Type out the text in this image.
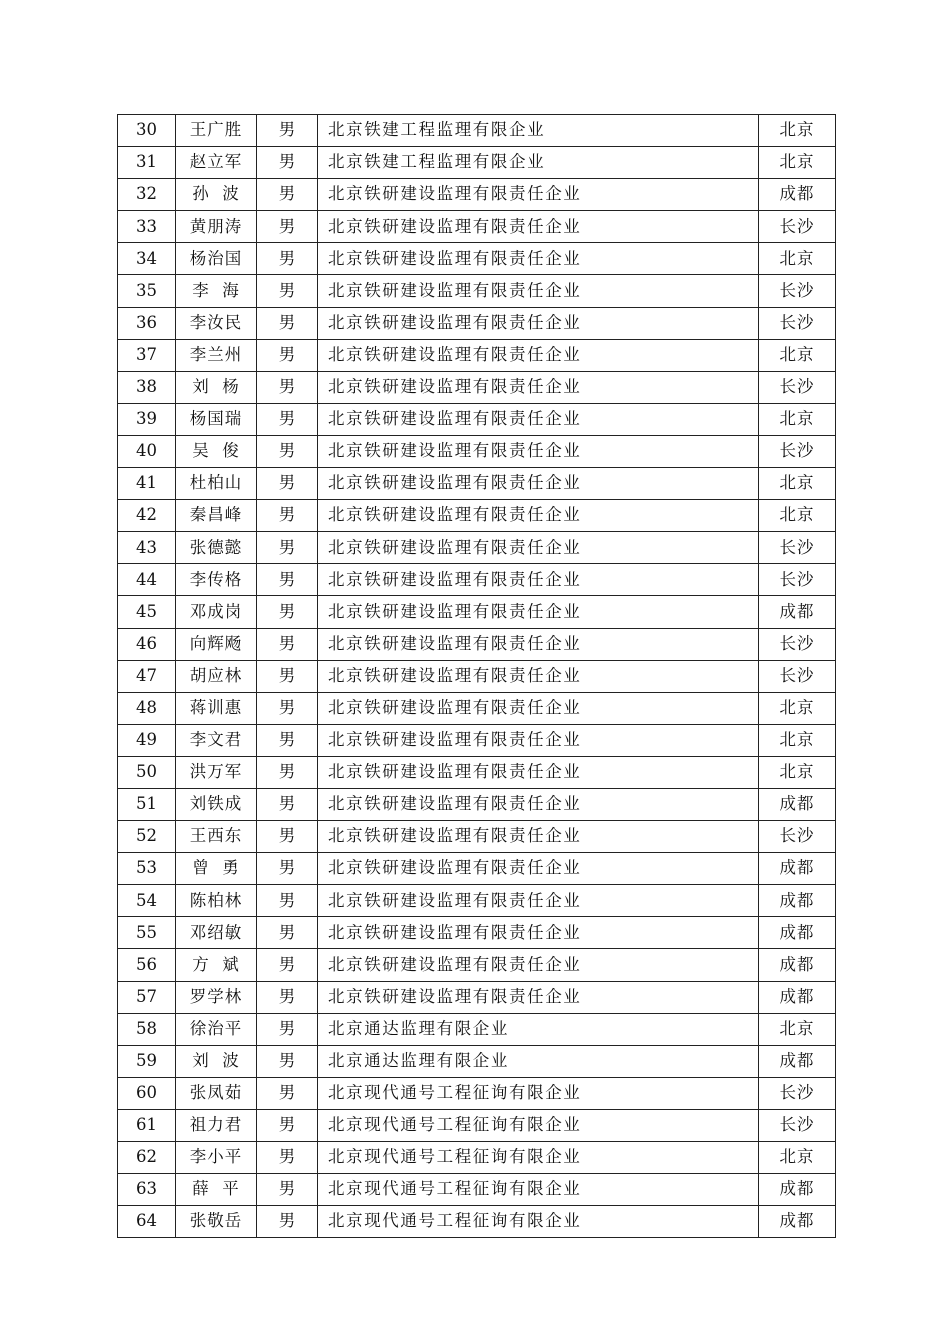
30	王广胜	男	北京铁建工程监理有限企业	北京
31	赵立军	男	北京铁建工程监理有限企业	北京
32	孙  波	男	北京铁研建设监理有限责任企业	成都
33	黄朋涛	男	北京铁研建设监理有限责任企业	长沙
34	杨治国	男	北京铁研建设监理有限责任企业	北京
35	李  海	男	北京铁研建设监理有限责任企业	长沙
36	李汝民	男	北京铁研建设监理有限责任企业	长沙
37	李兰州	男	北京铁研建设监理有限责任企业	北京
38	刘  杨	男	北京铁研建设监理有限责任企业	长沙
39	杨国瑞	男	北京铁研建设监理有限责任企业	北京
40	吴  俊	男	北京铁研建设监理有限责任企业	长沙
41	杜柏山	男	北京铁研建设监理有限责任企业	北京
42	秦昌峰	男	北京铁研建设监理有限责任企业	北京
43	张德懿	男	北京铁研建设监理有限责任企业	长沙
44	李传格	男	北京铁研建设监理有限责任企业	长沙
45	邓成岗	男	北京铁研建设监理有限责任企业	成都
46	向辉飏	男	北京铁研建设监理有限责任企业	长沙
47	胡应林	男	北京铁研建设监理有限责任企业	长沙
48	蒋训惠	男	北京铁研建设监理有限责任企业	北京
49	李文君	男	北京铁研建设监理有限责任企业	北京
50	洪万军	男	北京铁研建设监理有限责任企业	北京
51	刘铁成	男	北京铁研建设监理有限责任企业	成都
52	王西东	男	北京铁研建设监理有限责任企业	长沙
53	曾  勇	男	北京铁研建设监理有限责任企业	成都
54	陈柏林	男	北京铁研建设监理有限责任企业	成都
55	邓绍敏	男	北京铁研建设监理有限责任企业	成都
56	方  斌	男	北京铁研建设监理有限责任企业	成都
57	罗学林	男	北京铁研建设监理有限责任企业	成都
58	徐治平	男	北京通达监理有限企业	北京
59	刘  波	男	北京通达监理有限企业	成都
60	张凤茹	男	北京现代通号工程征询有限企业	长沙
61	祖力君	男	北京现代通号工程征询有限企业	长沙
62	李小平	男	北京现代通号工程征询有限企业	北京
63	薛  平	男	北京现代通号工程征询有限企业	成都
64	张敬岳	男	北京现代通号工程征询有限企业	成都
